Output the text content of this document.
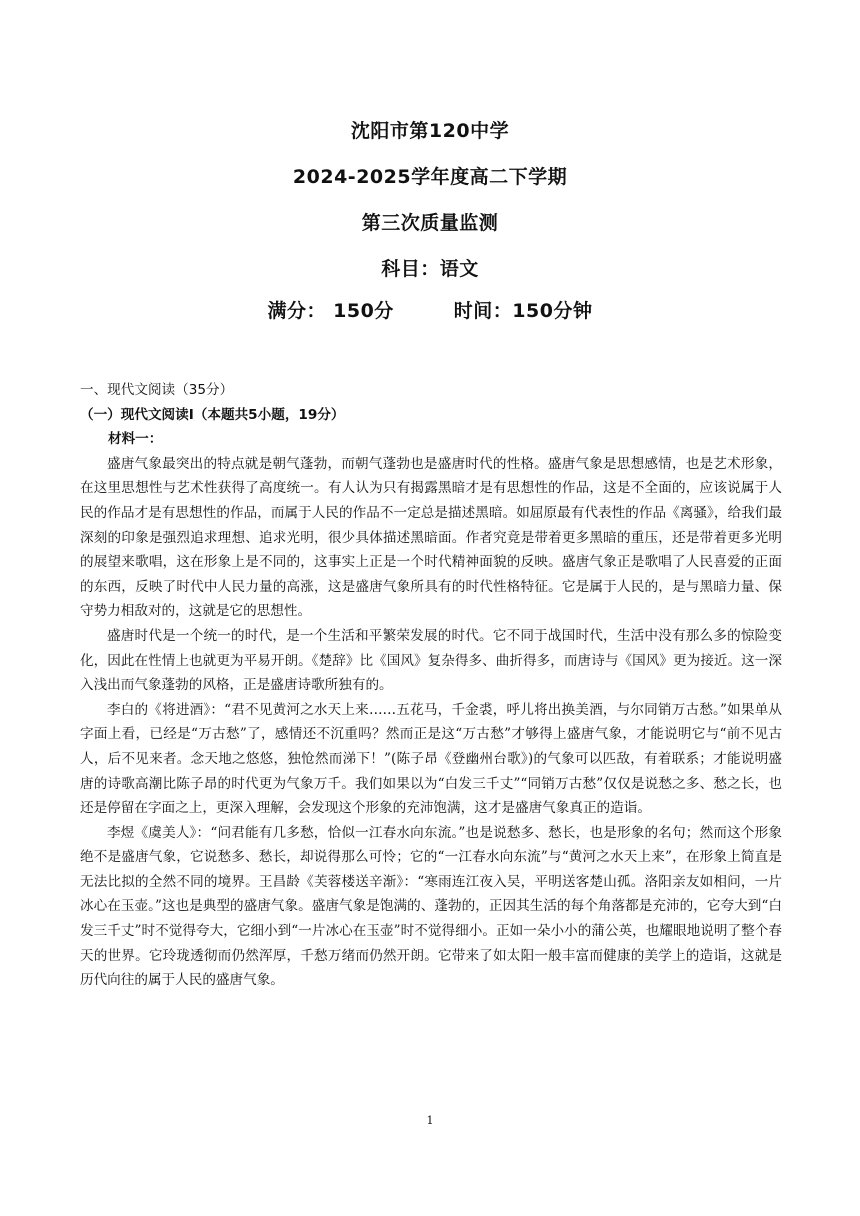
沈阳市第120中学
2024-2025学年度高二下学期
第三次质量监测
科目：语文
满分： 150分	时间：150分钟

一、现代文阅读（35分）

（一）现代文阅读Ⅰ（本题共5小题，19分）

材料一：

盛唐气象最突出的特点就是朝气蓬勃，而朝气蓬勃也是盛唐时代的性格。盛唐气象是思想感情，也是艺术形象，在这里思想性与艺术性获得了高度统一。有人认为只有揭露黑暗才是有思想性的作品，这是不全面的，应该说属于人民的作品才是有思想性的作品，而属于人民的作品不一定总是描述黑暗。如屈原最有代表性的作品《离骚》，给我们最深刻的印象是强烈追求理想、追求光明，很少具体描述黑暗面。作者究竟是带着更多黑暗的重压，还是带着更多光明的展望来歌唱，这在形象上是不同的，这事实上正是一个时代精神面貌的反映。盛唐气象正是歌唱了人民喜爱的正面的东西，反映了时代中人民力量的高涨，这是盛唐气象所具有的时代性格特征。它是属于人民的，是与黑暗力量、保守势力相敌对的，这就是它的思想性。

盛唐时代是一个统一的时代，是一个生活和平繁荣发展的时代。它不同于战国时代，生活中没有那么多的惊险变化，因此在性情上也就更为平易开朗。《楚辞》比《国风》复杂得多、曲折得多，而唐诗与《国风》更为接近。这一深入浅出而气象蓬勃的风格，正是盛唐诗歌所独有的。

李白的《将进酒》：“君不见黄河之水天上来……五花马，千金裘，呼儿将出换美酒，与尔同销万古愁。”如果单从字面上看，已经是“万古愁”了，感情还不沉重吗？然而正是这“万古愁”才够得上盛唐气象，才能说明它与“前不见古人，后不见来者。念天地之悠悠，独怆然而涕下！”(陈子昂《登幽州台歌》)的气象可以匹敌，有着联系；才能说明盛唐的诗歌高潮比陈子昂的时代更为气象万千。我们如果以为“白发三千丈”“同销万古愁”仅仅是说愁之多、愁之长，也还是停留在字面之上，更深入理解，会发现这个形象的充沛饱满，这才是盛唐气象真正的造诣。

李煜《虞美人》：“问君能有几多愁，恰似一江春水向东流。”也是说愁多、愁长，也是形象的名句；然而这个形象绝不是盛唐气象，它说愁多、愁长，却说得那么可怜；它的“一江春水向东流”与“黄河之水天上来”，在形象上简直是无法比拟的全然不同的境界。王昌龄《芙蓉楼送辛渐》：“寒雨连江夜入吴，平明送客楚山孤。洛阳亲友如相问，一片冰心在玉壶。”这也是典型的盛唐气象。盛唐气象是饱满的、蓬勃的，正因其生活的每个角落都是充沛的，它夸大到“白发三千丈”时不觉得夸大，它细小到“一片冰心在玉壶”时不觉得细小。正如一朵小小的蒲公英，也耀眼地说明了整个春天的世界。它玲珑透彻而仍然浑厚，千愁万绪而仍然开朗。它带来了如太阳一般丰富而健康的美学上的造诣，这就是历代向往的属于人民的盛唐气象。

1
